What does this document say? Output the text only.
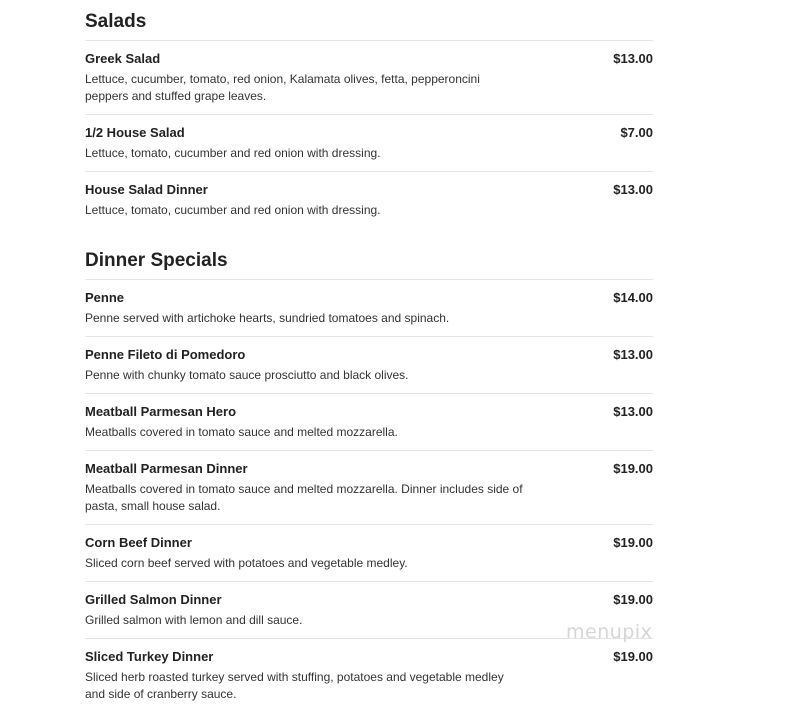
Salads
Greek Salad	$13.00
Lettuce, cucumber, tomato, red onion, Kalamata olives, fetta, pepperoncini peppers and stuffed grape leaves.
1/2 House Salad	$7.00
Lettuce, tomato, cucumber and red onion with dressing.
House Salad Dinner	$13.00
Lettuce, tomato, cucumber and red onion with dressing.
Dinner Specials
Penne	$14.00
Penne served with artichoke hearts, sundried tomatoes and spinach.
Penne Fileto di Pomedoro	$13.00
Penne with chunky tomato sauce prosciutto and black olives.
Meatball Parmesan Hero	$13.00
Meatballs covered in tomato sauce and melted mozzarella.
Meatball Parmesan Dinner	$19.00
Meatballs covered in tomato sauce and melted mozzarella. Dinner includes side of pasta, small house salad.
Corn Beef Dinner	$19.00
Sliced corn beef served with potatoes and vegetable medley.
Grilled Salmon Dinner	$19.00
Grilled salmon with lemon and dill sauce.
Sliced Turkey Dinner	$19.00
Sliced herb roasted turkey served with stuffing, potatoes and vegetable medley and side of cranberry sauce.
menupix
